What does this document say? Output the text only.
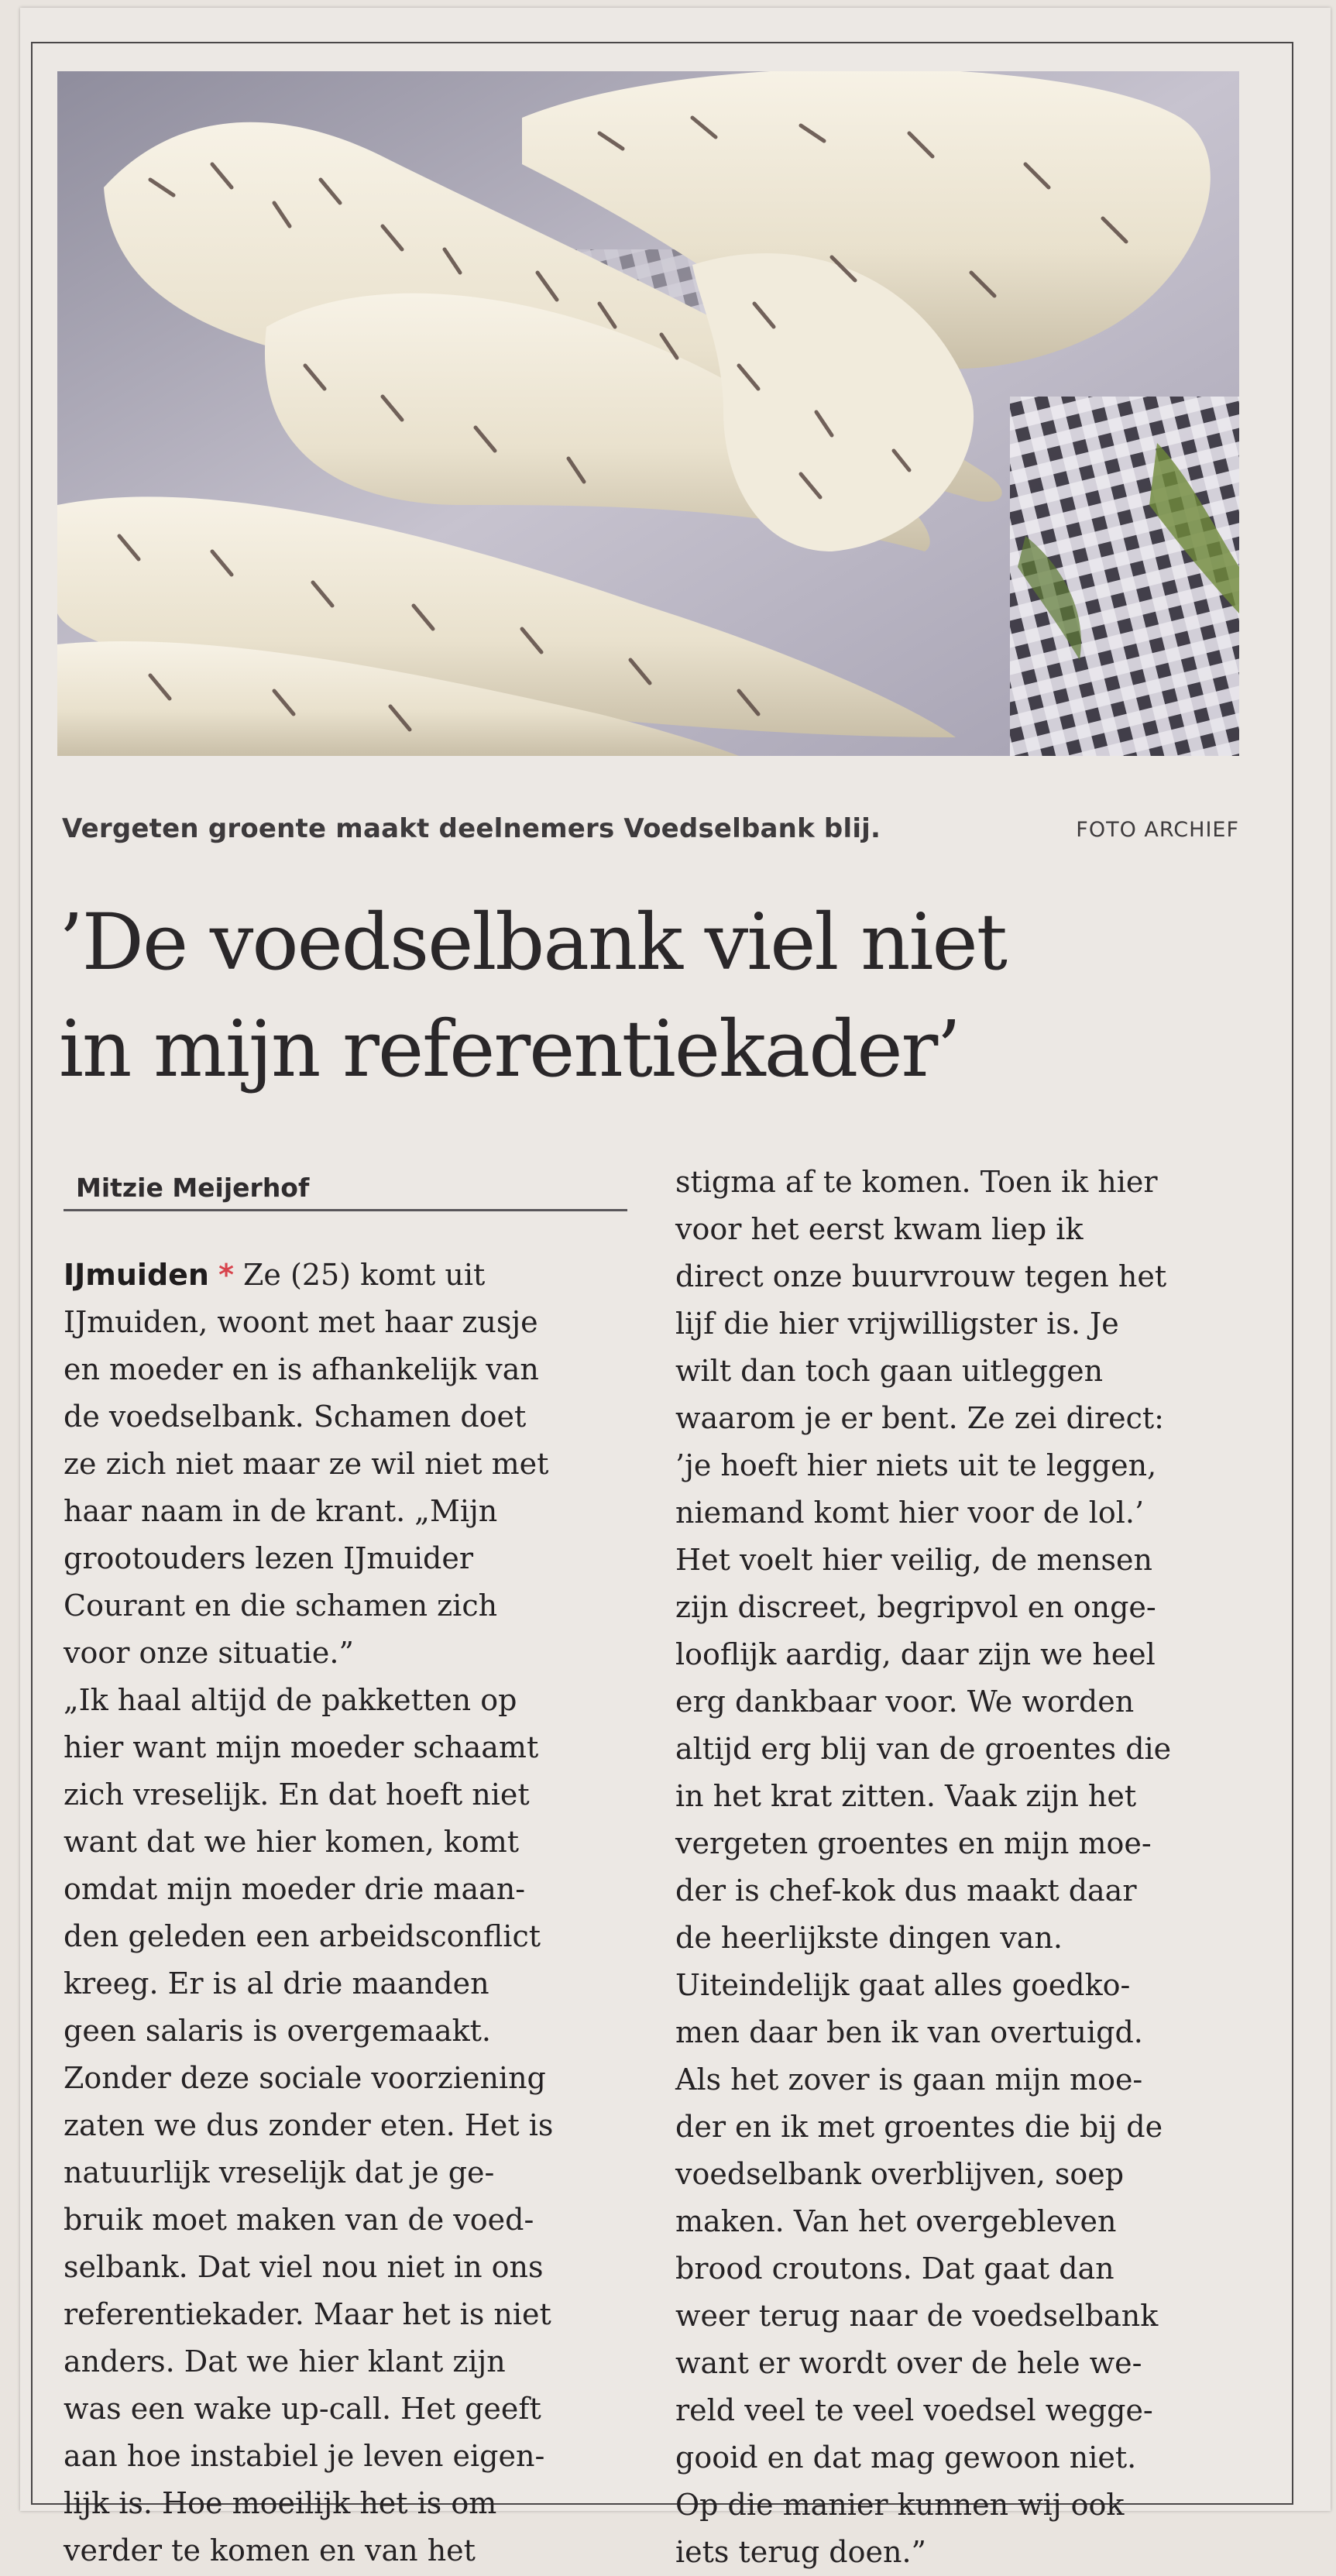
Vergeten groente maakt deelnemers Voedselbank blij.	FOTO ARCHIEF
’De voedselbank viel niet
in mijn referentiekader’
Mitzie Meijerhof

IJmuiden * Ze (25) komt uit

IJmuiden, woont met haar zusje

en moeder en is afhankelijk van

de voedselbank. Schamen doet

ze zich niet maar ze wil niet met

haar naam in de krant. „Mijn

grootouders lezen IJmuider

Courant en die schamen zich

voor onze situatie.”

„Ik haal altijd de pakketten op

hier want mijn moeder schaamt

zich vreselijk. En dat hoeft niet

want dat we hier komen, komt

omdat mijn moeder drie maan-

den geleden een arbeidsconflict

kreeg. Er is al drie maanden

geen salaris is overgemaakt.

Zonder deze sociale voorziening

zaten we dus zonder eten. Het is

natuurlijk vreselijk dat je ge-

bruik moet maken van de voed-

selbank. Dat viel nou niet in ons

referentiekader. Maar het is niet

anders. Dat we hier klant zijn

was een wake up-call. Het geeft

aan hoe instabiel je leven eigen-

lijk is. Hoe moeilijk het is om

verder te komen en van het

stigma af te komen. Toen ik hier

voor het eerst kwam liep ik

direct onze buurvrouw tegen het

lijf die hier vrijwilligster is. Je

wilt dan toch gaan uitleggen

waarom je er bent. Ze zei direct:

’je hoeft hier niets uit te leggen,

niemand komt hier voor de lol.’

Het voelt hier veilig, de mensen

zijn discreet, begripvol en onge-

looflijk aardig, daar zijn we heel

erg dankbaar voor. We worden

altijd erg blij van de groentes die

in het krat zitten. Vaak zijn het

vergeten groentes en mijn moe-

der is chef-kok dus maakt daar

de heerlijkste dingen van.

Uiteindelijk gaat alles goedko-

men daar ben ik van overtuigd.

Als het zover is gaan mijn moe-

der en ik met groentes die bij de

voedselbank overblijven, soep

maken. Van het overgebleven

brood croutons. Dat gaat dan

weer terug naar de voedselbank

want er wordt over de hele we-

reld veel te veel voedsel wegge-

gooid en dat mag gewoon niet.

Op die manier kunnen wij ook

iets terug doen.”
